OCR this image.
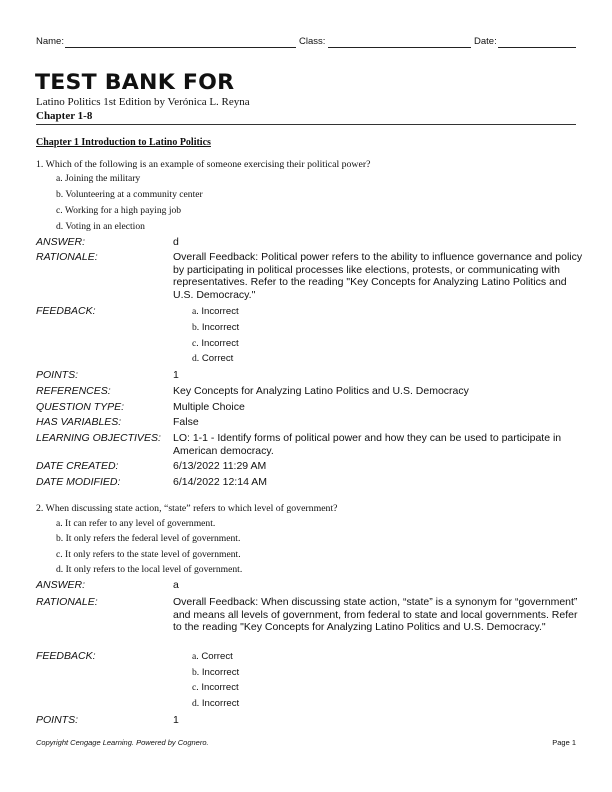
Name:	Class:	Date:
TEST BANK FOR
Latino Politics 1st Edition by Verónica L. Reyna
Chapter 1-8
Chapter 1 Introduction to Latino Politics
1. Which of the following is an example of someone exercising their political power?
a. Joining the military
b. Volunteering at a community center
c. Working for a high paying job
d. Voting in an election
ANSWER:	d
RATIONALE:	Overall Feedback: Political power refers to the ability to influence governance and policy by participating in political processes like elections, protests, or communicating with representatives. Refer to the reading "Key Concepts for Analyzing Latino Politics and U.S. Democracy."
FEEDBACK:	a. Incorrect
b. Incorrect
c. Incorrect
d. Correct
POINTS:	1
REFERENCES:	Key Concepts for Analyzing Latino Politics and U.S. Democracy
QUESTION TYPE:	Multiple Choice
HAS VARIABLES:	False
LEARNING OBJECTIVES: LO: 1-1 - Identify forms of political power and how they can be used to participate in American democracy.
DATE CREATED:	6/13/2022 11:29 AM
DATE MODIFIED:	6/14/2022 12:14 AM
2. When discussing state action, “state” refers to which level of government?
a. It can refer to any level of government.
b. It only refers the federal level of government.
c. It only refers to the state level of government.
d. It only refers to the local level of government.
ANSWER:	a
RATIONALE:	Overall Feedback: When discussing state action, “state” is a synonym for “government” and means all levels of government, from federal to state and local governments. Refer to the reading "Key Concepts for Analyzing Latino Politics and U.S. Democracy."
FEEDBACK:	a. Correct
b. Incorrect
c. Incorrect
d. Incorrect
POINTS:	1
Copyright Cengage Learning. Powered by Cognero.	Page 1
